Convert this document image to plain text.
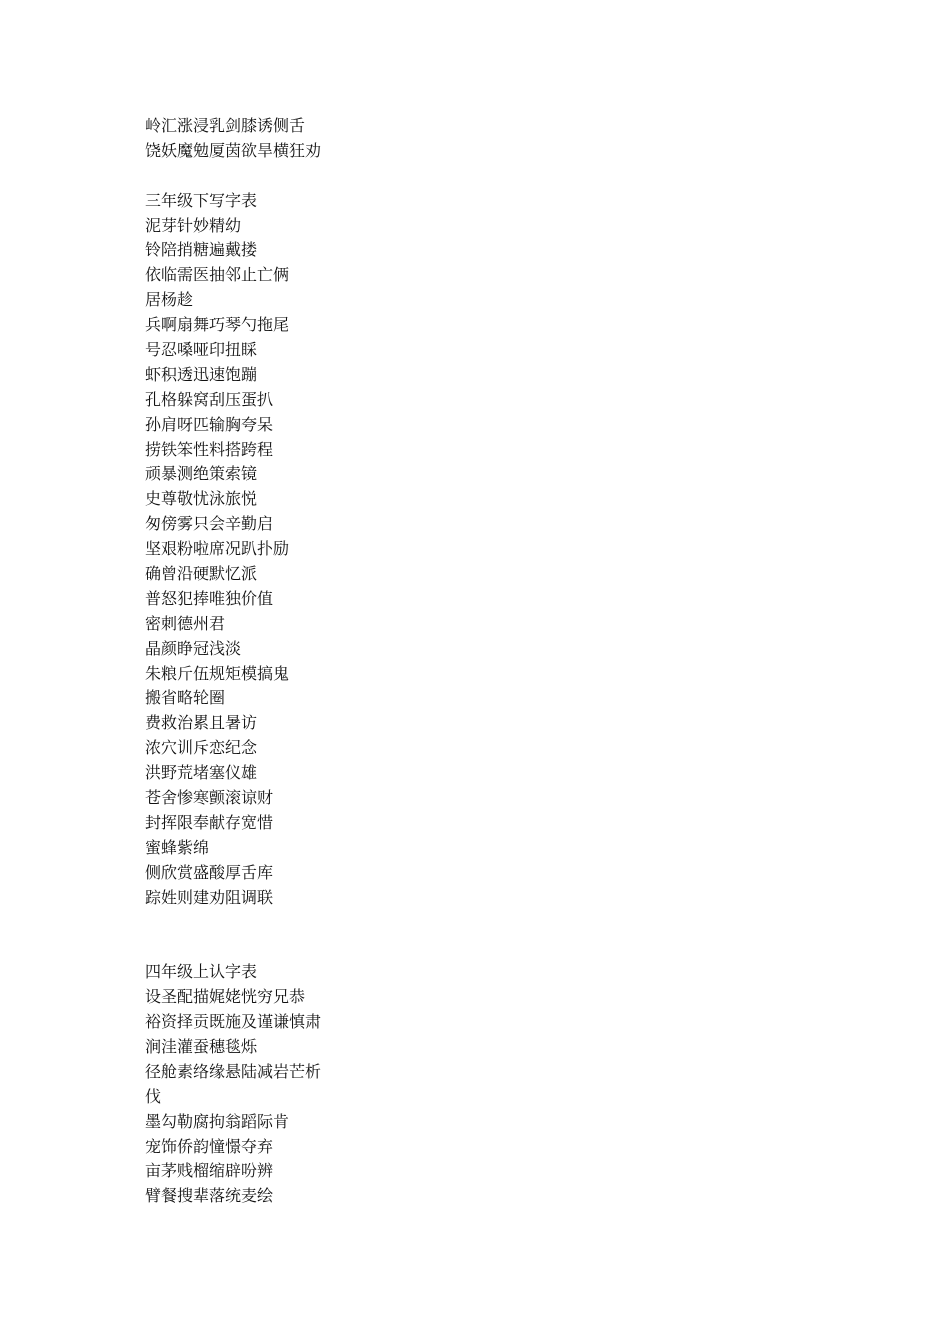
岭汇涨浸乳剑膝诱侧舌
饶妖魔勉厦茵欲旱横狂劝
三年级下写字表
泥芽针妙精幼
铃陪捎糖遍戴搂
依临需医抽邻止亡俩
居杨趁
兵啊扇舞巧琴勺拖尾
号忍嗓哑印扭睬
虾积透迅速饱蹦
孔格躲窝刮压蛋扒
孙肩呀匹输胸夸呆
捞铁笨性料搭跨程
顽暴测绝策索镜
史尊敬忧泳旅悦
匆傍雾只会辛勤启
坚艰粉啦席况趴扑励
确曾沿硬默忆派
普怒犯捧唯独价值
密刺德州君
晶颜睁冠浅淡
朱粮斤伍规矩模搞鬼
搬省略轮圈
费救治累且暑访
浓穴训斥恋纪念
洪野荒堵塞仪雄
苍舍惨寒颤滚谅财
封挥限奉献存宽惜
蜜蜂紫绵
侧欣赏盛酸厚舌库
踪姓则建劝阻调联
四年级上认字表
设圣配描娓姥恍穷兄恭
裕资择贡既施及谨谦慎肃
涧洼灌蚕穗毯烁
径舱素络缘悬陆减岩芒析
伐
墨勾勒腐拘翁蹈际肯
宠饰侨韵憧憬夺弃
亩茅贱榴缩辟吩辨
臂餐搜辈落统麦绘
